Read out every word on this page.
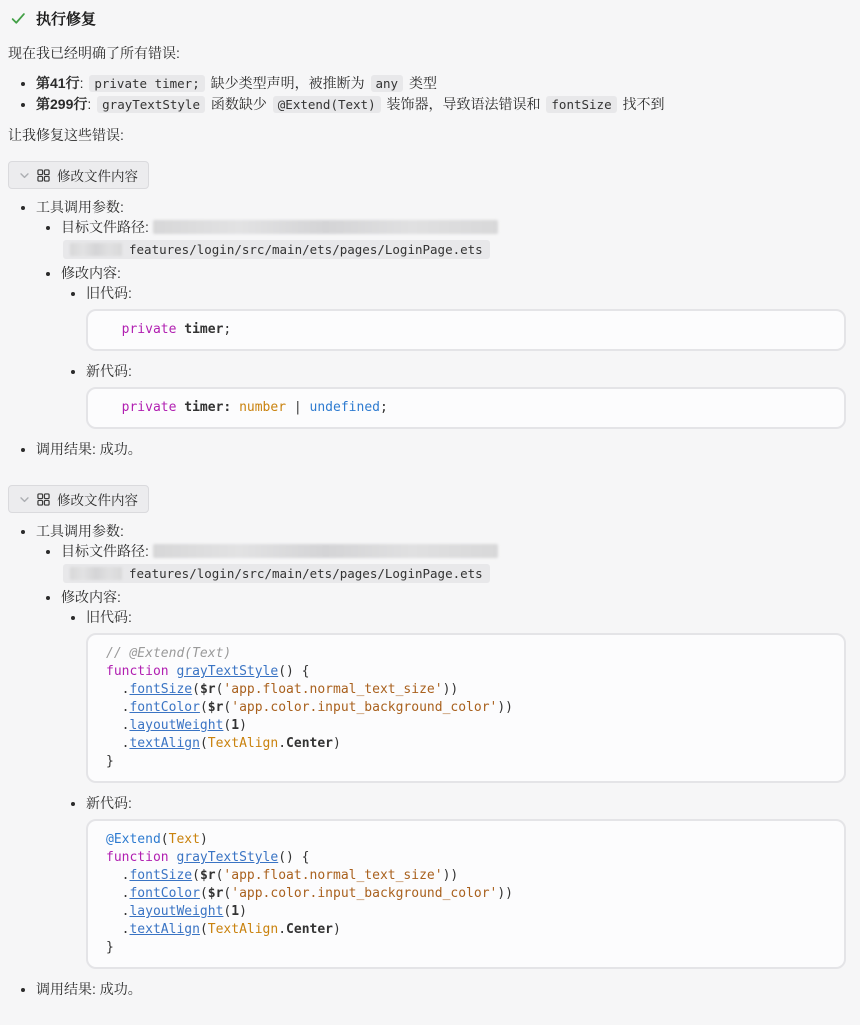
执行修复

现在我已经明确了所有错误:

• 第41行: private timer; 缺少类型声明，被推断为 any 类型
• 第299行: grayTextStyle 函数缺少 @Extend(Text) 装饰器，导致语法错误和 fontSize 找不到

让我修复这些错误:

修改文件内容
• 工具调用参数:
• 目标文件路径:
features/login/src/main/ets/pages/LoginPage.ets
• 修改内容:
• 旧代码:
private timer;
• 新代码:
private timer: number | undefined;
• 调用结果: 成功。
修改文件内容
• 工具调用参数:
• 目标文件路径:
features/login/src/main/ets/pages/LoginPage.ets
• 修改内容:
• 旧代码:
// @Extend(Text)
function grayTextStyle() {
.fontSize($r('app.float.normal_text_size'))
.fontColor($r('app.color.input_background_color'))
.layoutWeight(1)
.textAlign(TextAlign.Center)
}
• 新代码:
@Extend(Text)
function grayTextStyle() {
.fontSize($r('app.float.normal_text_size'))
.fontColor($r('app.color.input_background_color'))
.layoutWeight(1)
.textAlign(TextAlign.Center)
}
• 调用结果: 成功。
